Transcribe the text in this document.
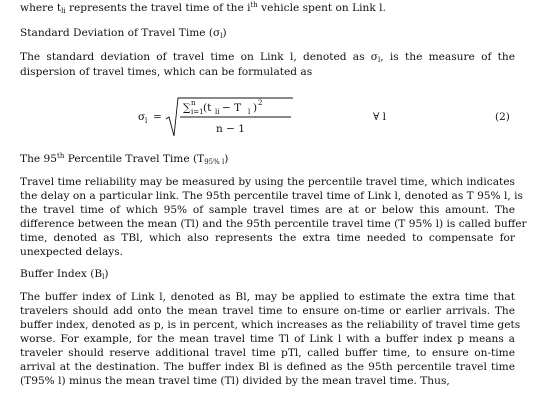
where $t_{li}$ represents the travel time of the $i^{th}$ vehicle spent on Link l.
Standard Deviation of Travel Time $(\sigma_l)$
The standard deviation of travel time on Link l, denoted as $\sigma_l$, is the measure of the
dispersion of travel times, which can be formulated as
σ l =
∑ n
i=1 (t li − T l ) 2
n − 1
∀ l	(2)
The 95th Percentile Travel Time $(T_{95\% l})$
Travel time reliability may be measured by using the percentile travel time, which indicates
the delay on a particular link. The 95th percentile travel time of Link l, denoted as T 95% l, is
the travel time of which 95% of sample travel times are at or below this amount. The
difference between the mean (Tl) and the 95th percentile travel time (T 95% l) is called buffer
time, denoted as TBl, which also represents the extra time needed to compensate for
unexpected delays.
Buffer Index $(B_l)$
The buffer index of Link l, denoted as Bl, may be applied to estimate the extra time that
travelers should add onto the mean travel time to ensure on-time or earlier arrivals. The
buffer index, denoted as p, is in percent, which increases as the reliability of travel time gets
worse. For example, for the mean travel time Tl of Link l with a buffer index p means a
traveler should reserve additional travel time pTl, called buffer time, to ensure on-time
arrival at the destination. The buffer index Bl is defined as the 95th percentile travel time
(T95% l) minus the mean travel time (Tl) divided by the mean travel time. Thus,
